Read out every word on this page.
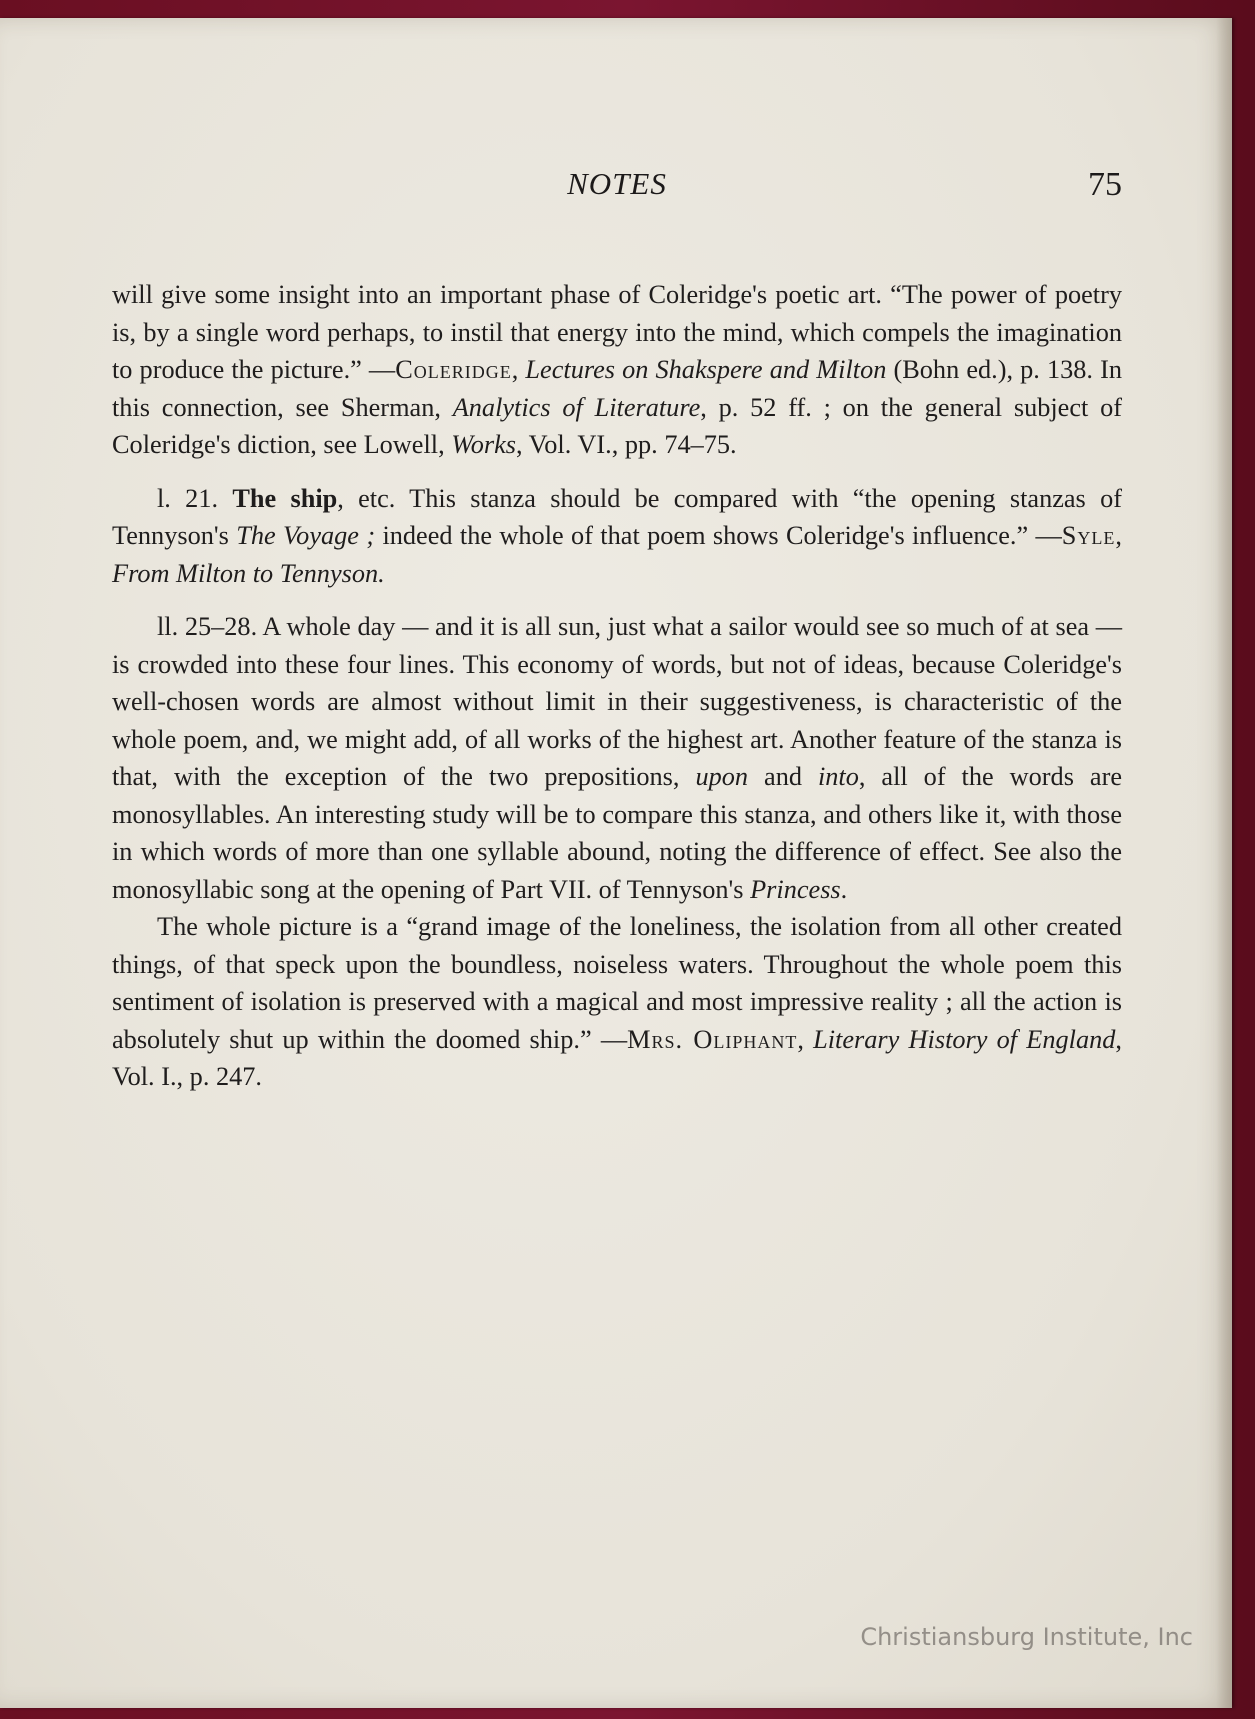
NOTES	75

will give some insight into an important phase of Coleridge's poetic art. “The power of poetry is, by a single word perhaps, to instil that energy into the mind, which compels the imagination to produce the picture.” —Coleridge, Lectures on Shakspere and Milton (Bohn ed.), p. 138. In this connection, see Sherman, Analytics of Literature, p. 52 ff. ; on the general subject of Coleridge's diction, see Lowell, Works, Vol. VI., pp. 74–75.

l. 21. The ship, etc. This stanza should be compared with “the opening stanzas of Tennyson's The Voyage ; indeed the whole of that poem shows Coleridge's influence.” —Syle, From Milton to Tennyson.

ll. 25–28. A whole day — and it is all sun, just what a sailor would see so much of at sea — is crowded into these four lines. This economy of words, but not of ideas, because Coleridge's well-chosen words are almost without limit in their suggestiveness, is characteristic of the whole poem, and, we might add, of all works of the highest art. Another feature of the stanza is that, with the exception of the two prepositions, upon and into, all of the words are monosyllables. An interesting study will be to compare this stanza, and others like it, with those in which words of more than one syllable abound, noting the difference of effect. See also the monosyllabic song at the opening of Part VII. of Tennyson's Princess.

The whole picture is a “grand image of the loneliness, the isolation from all other created things, of that speck upon the boundless, noiseless waters. Throughout the whole poem this sentiment of isolation is preserved with a magical and most impressive reality ; all the action is absolutely shut up within the doomed ship.” —Mrs. Oliphant, Literary History of England, Vol. I., p. 247.

Christiansburg Institute, Inc
